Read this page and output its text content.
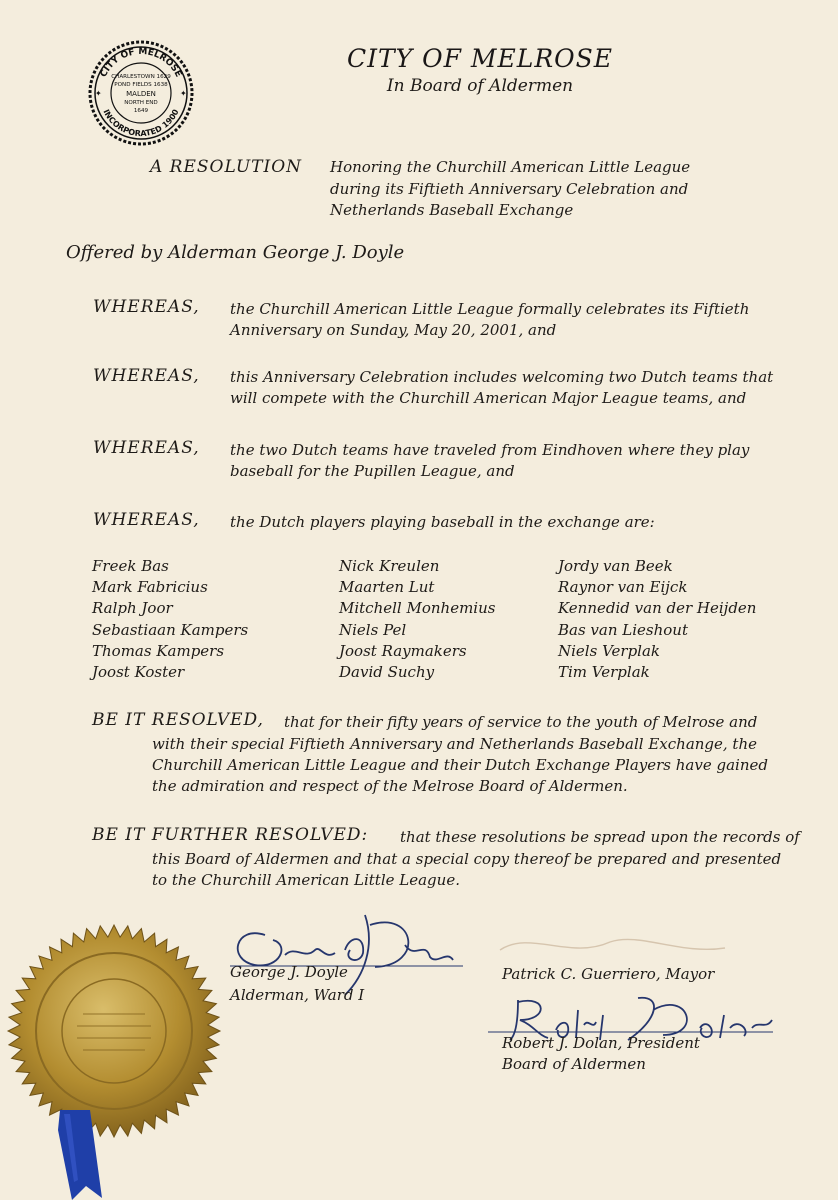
CITY OF MELROSE
INCORPORATED 1900
CHARLESTOWN 1629
POND FIELDS 1638
MALDEN
NORTH END
1649
✦	✦
CITY OF MELROSE
In Board of Aldermen
A RESOLUTION Honoring the Churchill American Little League
during its Fiftieth Anniversary Celebration and
Netherlands Baseball Exchange
Offered by Alderman George J. Doyle
WHEREAS, the Churchill American Little League formally celebrates its Fiftieth
Anniversary on Sunday, May 20, 2001, and
WHEREAS, this Anniversary Celebration includes welcoming two Dutch teams that
will compete with the Churchill American Major League teams, and
WHEREAS, the two Dutch teams have traveled from Eindhoven where they play
baseball for the Pupillen League, and
WHEREAS, the Dutch players playing baseball in the exchange are:
Freek Bas
Mark Fabricius
Ralph Joor
Sebastiaan Kampers
Thomas Kampers
Joost Koster
Nick Kreulen
Maarten Lut
Mitchell Monhemius
Niels Pel
Joost Raymakers
David Suchy
Jordy van Beek
Raynor van Eijck
Kennedid van der Heijden
Bas van Lieshout
Niels Verplak
Tim Verplak
BE IT RESOLVED, that for their fifty years of service to the youth of Melrose and
with their special Fiftieth Anniversary and Netherlands Baseball Exchange, the
Churchill American Little League and their Dutch Exchange Players have gained
the admiration and respect of the Melrose Board of Aldermen.
BE IT FURTHER RESOLVED: that these resolutions be spread upon the records of
this Board of Aldermen and that a special copy thereof be prepared and presented
to the Churchill American Little League.
George J. Doyle
Alderman, Ward I
Patrick C. Guerriero, Mayor
Robert J. Dolan, President
Board of Aldermen
